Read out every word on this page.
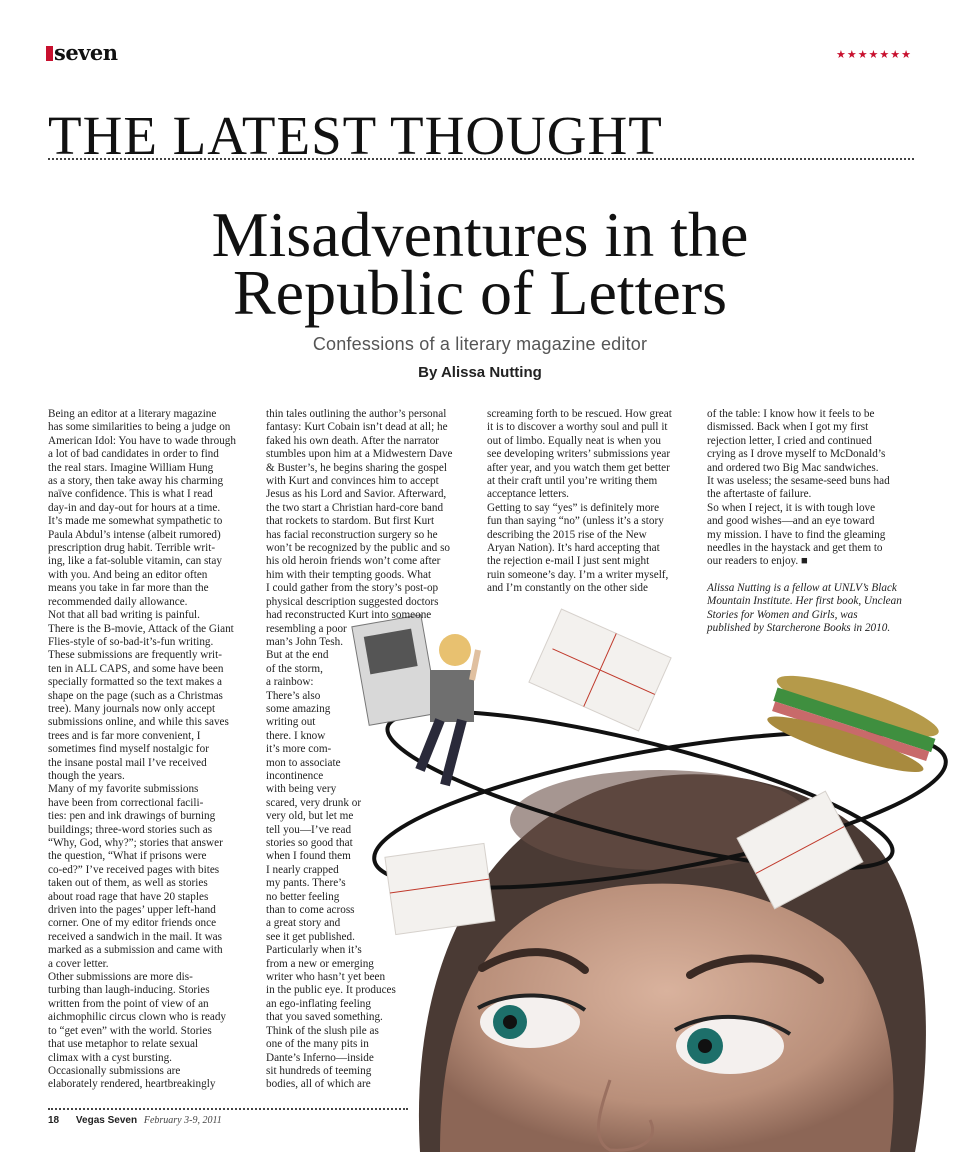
seven	★★★★★★★
THE LATEST THOUGHT
Misadventures in the
Republic of Letters
Confessions of a literary magazine editor
By Alissa Nutting
Being an editor at a literary magazine
has some similarities to being a judge on
American Idol: You have to wade through
a lot of bad candidates in order to find
the real stars. Imagine William Hung
as a story, then take away his charming
naïve confidence. This is what I read
day-in and day-out for hours at a time.
It’s made me somewhat sympathetic to
Paula Abdul’s intense (albeit rumored)
prescription drug habit. Terrible writ-
ing, like a fat-soluble vitamin, can stay
with you. And being an editor often
means you take in far more than the
recommended daily allowance.
Not that all bad writing is painful.
There is the B-movie, Attack of the Giant
Flies-style of so-bad-it’s-fun writing.
These submissions are frequently writ-
ten in ALL CAPS, and some have been
specially formatted so the text makes a
shape on the page (such as a Christmas
tree). Many journals now only accept
submissions online, and while this saves
trees and is far more convenient, I
sometimes find myself nostalgic for
the insane postal mail I’ve received
though the years.
Many of my favorite submissions
have been from correctional facili-
ties: pen and ink drawings of burning
buildings; three-word stories such as
“Why, God, why?”; stories that answer
the question, “What if prisons were
co-ed?” I’ve received pages with bites
taken out of them, as well as stories
about road rage that have 20 staples
driven into the pages’ upper left-hand
corner. One of my editor friends once
received a sandwich in the mail. It was
marked as a submission and came with
a cover letter.
Other submissions are more dis-
turbing than laugh-inducing. Stories
written from the point of view of an
aichmophilic circus clown who is ready
to “get even” with the world. Stories
that use metaphor to relate sexual
climax with a cyst bursting.
Occasionally submissions are
elaborately rendered, heartbreakingly
thin tales outlining the author’s personal
fantasy: Kurt Cobain isn’t dead at all; he
faked his own death. After the narrator
stumbles upon him at a Midwestern Dave
& Buster’s, he begins sharing the gospel
with Kurt and convinces him to accept
Jesus as his Lord and Savior. Afterward,
the two start a Christian hard-core band
that rockets to stardom. But first Kurt
has facial reconstruction surgery so he
won’t be recognized by the public and so
his old heroin friends won’t come after
him with their tempting goods. What
I could gather from the story’s post-op
physical description suggested doctors
had reconstructed Kurt into someone
resembling a poor
man’s John Tesh.
But at the end
of the storm,
a rainbow:
There’s also
some amazing
writing out
there. I know
it’s more com-
mon to associate
incontinence
with being very
scared, very drunk or
very old, but let me
tell you—I’ve read
stories so good that
when I found them
I nearly crapped
my pants. There’s
no better feeling
than to come across
a great story and
see it get published.
Particularly when it’s
from a new or emerging
writer who hasn’t yet been
in the public eye. It produces
an ego-inflating feeling
that you saved something.
Think of the slush pile as
one of the many pits in
Dante’s Inferno—inside
sit hundreds of teeming
bodies, all of which are
screaming forth to be rescued. How great
it is to discover a worthy soul and pull it
out of limbo. Equally neat is when you
see developing writers’ submissions year
after year, and you watch them get better
at their craft until you’re writing them
acceptance letters.
Getting to say “yes” is definitely more
fun than saying “no” (unless it’s a story
describing the 2015 rise of the New
Aryan Nation). It’s hard accepting that
the rejection e-mail I just sent might
ruin someone’s day. I’m a writer myself,
and I’m constantly on the other side
of the table: I know how it feels to be
dismissed. Back when I got my first
rejection letter, I cried and continued
crying as I drove myself to McDonald’s
and ordered two Big Mac sandwiches.
It was useless; the sesame-seed buns had
the aftertaste of failure.
So when I reject, it is with tough love
and good wishes—and an eye toward
my mission. I have to find the gleaming
needles in the haystack and get them to
our readers to enjoy. ■
Alissa Nutting is a fellow at UNLV’s Black
Mountain Institute. Her first book, Unclean
Stories for Women and Girls, was
published by Starcherone Books in 2010.
18 Vegas Seven February 3-9, 2011
